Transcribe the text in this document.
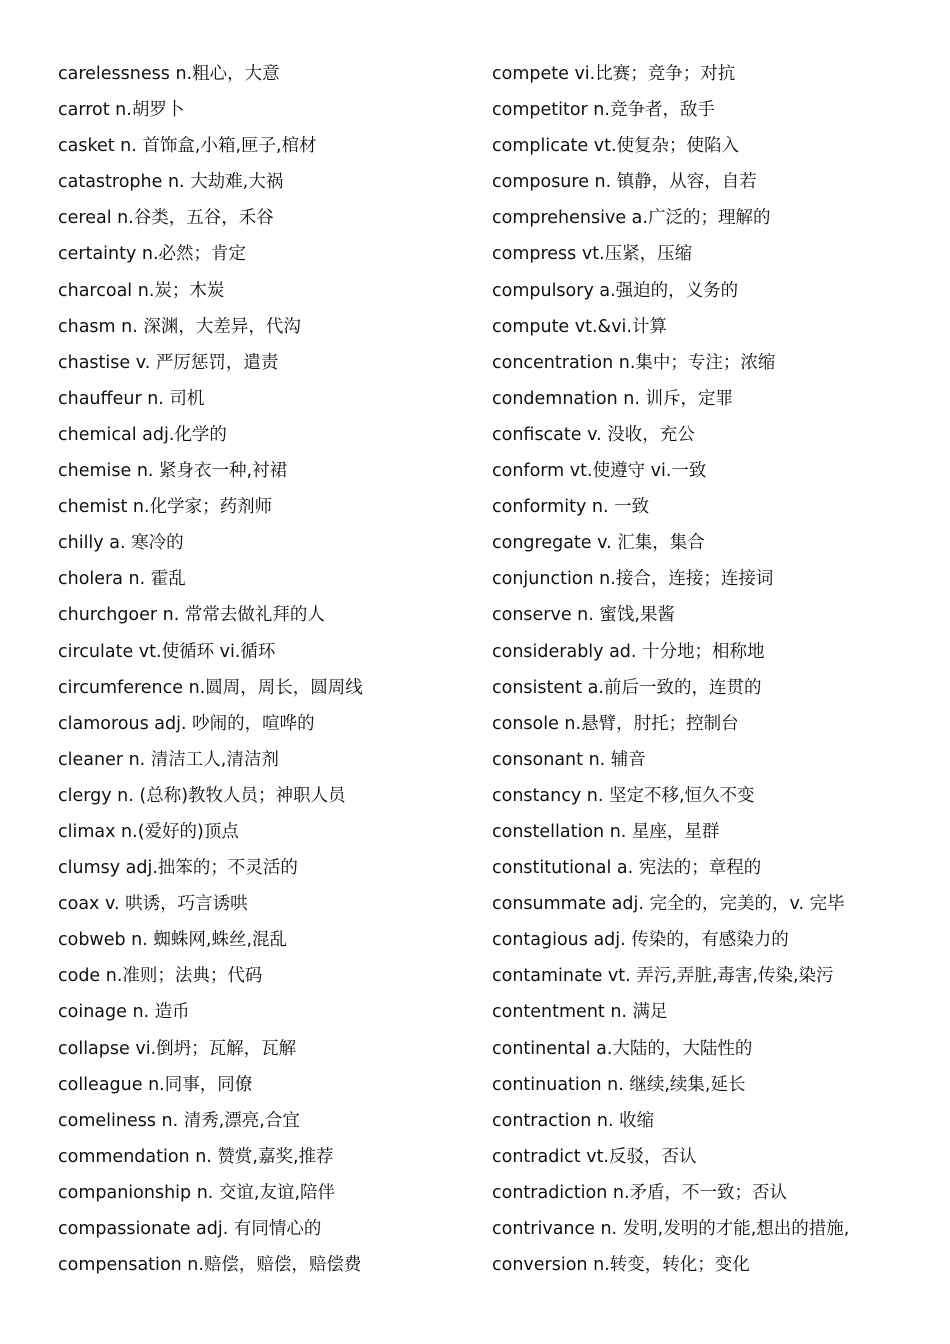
carelessness n.粗心，大意
carrot n.胡罗卜
casket n. 首饰盒,小箱,匣子,棺材
catastrophe n. 大劫难,大祸
cereal n.谷类，五谷，禾谷
certainty n.必然；肯定
charcoal n.炭；木炭
chasm n. 深渊，大差异，代沟
chastise v. 严厉惩罚，遣责
chauffeur n. 司机
chemical adj.化学的
chemise n. 紧身衣一种,衬裙
chemist n.化学家；药剂师
chilly a. 寒冷的
cholera n. 霍乱
churchgoer n. 常常去做礼拜的人
circulate vt.使循环 vi.循环
circumference n.圆周，周长，圆周线
clamorous adj. 吵闹的，喧哗的
cleaner n. 清洁工人,清洁剂
clergy n. (总称)教牧人员；神职人员
climax n.(爱好的)顶点
clumsy adj.拙笨的；不灵活的
coax v. 哄诱，巧言诱哄
cobweb n. 蜘蛛网,蛛丝,混乱
code n.准则；法典；代码
coinage n. 造币
collapse vi.倒坍；瓦解，瓦解
colleague n.同事，同僚
comeliness n. 清秀,漂亮,合宜
commendation n. 赞赏,嘉奖,推荐
companionship n. 交谊,友谊,陪伴
compassionate adj. 有同情心的
compensation n.赔偿，赔偿，赔偿费
compete vi.比赛；竞争；对抗
competitor n.竞争者，敌手
complicate vt.使复杂；使陷入
composure n. 镇静，从容，自若
comprehensive a.广泛的；理解的
compress vt.压紧，压缩
compulsory a.强迫的，义务的
compute vt.&vi.计算
concentration n.集中；专注；浓缩
condemnation n. 训斥，定罪
confiscate v. 没收，充公
conform vt.使遵守 vi.一致
conformity n. 一致
congregate v. 汇集，集合
conjunction n.接合，连接；连接词
conserve n. 蜜饯,果酱
considerably ad. 十分地；相称地
consistent a.前后一致的，连贯的
console n.悬臂，肘托；控制台
consonant n. 辅音
constancy n. 坚定不移,恒久不变
constellation n. 星座，星群
constitutional a. 宪法的；章程的
consummate adj. 完全的，完美的，v. 完毕
contagious adj. 传染的，有感染力的
contaminate vt. 弄污,弄脏,毒害,传染,染污
contentment n. 满足
continental a.大陆的，大陆性的
continuation n. 继续,续集,延长
contraction n. 收缩
contradict vt.反驳，否认
contradiction n.矛盾，不一致；否认
contrivance n. 发明,发明的才能,想出的措施,
conversion n.转变，转化；变化
